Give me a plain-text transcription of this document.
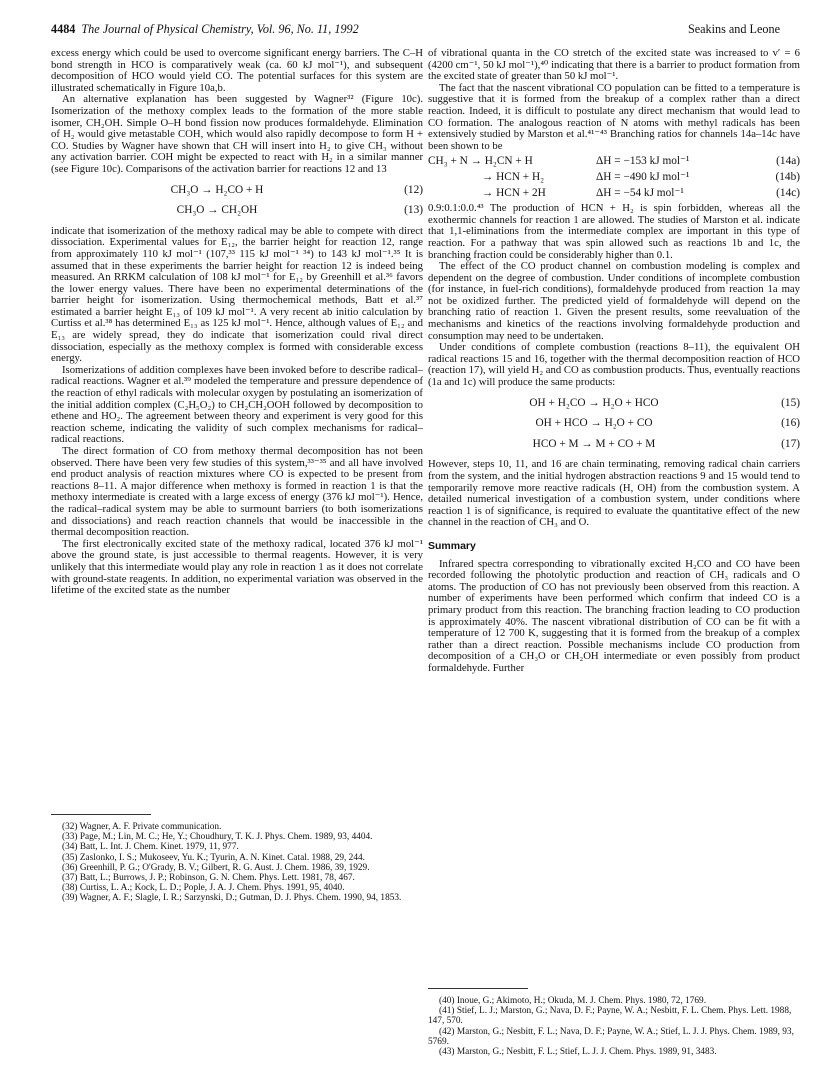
4484 The Journal of Physical Chemistry, Vol. 96, No. 11, 1992	Seakins and Leone

excess energy which could be used to overcome significant energy barriers. The C–H bond strength in HCO is comparatively weak (ca. 60 kJ mol⁻¹), and subsequent decomposition of HCO would yield CO. The potential surfaces for this system are illustrated schematically in Figure 10a,b.

An alternative explanation has been suggested by Wagner³² (Figure 10c). Isomerization of the methoxy complex leads to the formation of the more stable isomer, CH₂OH. Simple O–H bond fission now produces formaldehyde. Elimination of H₂ would give metastable COH, which would also rapidly decompose to form H + CO. Studies by Wagner have shown that CH will insert into H₂ to give CH₃ without any activation barrier. COH might be expected to react with H₂ in a similar manner (see Figure 10c). Comparisons of the activation barrier for reactions 12 and 13

CH₃O → H₂CO + H	(12)
CH₃O → CH₂OH	(13)

indicate that isomerization of the methoxy radical may be able to compete with direct dissociation. Experimental values for E₁₂, the barrier height for reaction 12, range from approximately 110 kJ mol⁻¹ (107,³³ 115 kJ mol⁻¹ ³⁴) to 143 kJ mol⁻¹.³⁵ It is assumed that in these experiments the barrier height for reaction 12 is indeed being measured. An RRKM calculation of 108 kJ mol⁻¹ for E₁₂ by Greenhill et al.³⁶ favors the lower energy values. There have been no experimental determinations of the barrier height for isomerization. Using thermochemical methods, Batt et al.³⁷ estimated a barrier height E₁₃ of 109 kJ mol⁻¹. A very recent ab initio calculation by Curtiss et al.³⁸ has determined E₁₃ as 125 kJ mol⁻¹. Hence, although values of E₁₂ and E₁₃ are widely spread, they do indicate that isomerization could rival direct dissociation, especially as the methoxy complex is formed with considerable excess energy.

Isomerizations of addition complexes have been invoked before to describe radical–radical reactions. Wagner et al.³⁹ modeled the temperature and pressure dependence of the reaction of ethyl radicals with molecular oxygen by postulating an isomerization of the initial addition complex (C₂H₅O₂) to CH₂CH₂OOH followed by decomposition to ethene and HO₂. The agreement between theory and experiment is very good for this reaction scheme, indicating the validity of such complex mechanisms for radical–radical reactions.

The direct formation of CO from methoxy thermal decomposition has not been observed. There have been very few studies of this system,³³⁻³⁵ and all have involved end product analysis of reaction mixtures where CO is expected to be present from reactions 8–11. A major difference when methoxy is formed in reaction 1 is that the methoxy intermediate is created with a large excess of energy (376 kJ mol⁻¹). Hence, the radical–radical system may be able to surmount barriers (to both isomerizations and dissociations) and reach reaction channels that would be inaccessible in the thermal decomposition reaction.

The first electronically excited state of the methoxy radical, located 376 kJ mol⁻¹ above the ground state, is just accessible to thermal reagents. However, it is very unlikely that this intermediate would play any role in reaction 1 as it does not correlate with ground-state reagents. In addition, no experimental variation was observed in the lifetime of the excited state as the number

(32) Wagner, A. F. Private communication.
(33) Page, M.; Lin, M. C.; He, Y.; Choudhury, T. K. J. Phys. Chem. 1989, 93, 4404.
(34) Batt, L. Int. J. Chem. Kinet. 1979, 11, 977.
(35) Zaslonko, I. S.; Mukoseev, Yu. K.; Tyurin, A. N. Kinet. Catal. 1988, 29, 244.
(36) Greenhill, P. G.; O'Grady, B. V.; Gilbert, R. G. Aust. J. Chem. 1986, 39, 1929.
(37) Batt, L.; Burrows, J. P.; Robinson, G. N. Chem. Phys. Lett. 1981, 78, 467.
(38) Curtiss, L. A.; Kock, L. D.; Pople, J. A. J. Chem. Phys. 1991, 95, 4040.
(39) Wagner, A. F.; Slagle, I. R.; Sarzynski, D.; Gutman, D. J. Phys. Chem. 1990, 94, 1853.

of vibrational quanta in the CO stretch of the excited state was increased to v′ = 6 (4200 cm⁻¹, 50 kJ mol⁻¹),⁴⁰ indicating that there is a barrier to product formation from the excited state of greater than 50 kJ mol⁻¹.

The fact that the nascent vibrational CO population can be fitted to a temperature is suggestive that it is formed from the breakup of a complex rather than a direct reaction. Indeed, it is difficult to postulate any direct mechanism that would lead to CO formation. The analogous reaction of N atoms with methyl radicals has been extensively studied by Marston et al.⁴¹⁻⁴³ Branching ratios for channels 14a–14c have been shown to be

CH₃ + N → H₂CN + H	ΔH = −153 kJ mol⁻¹	(14a)
→ HCN + H₂	ΔH = −490 kJ mol⁻¹	(14b)
→ HCN + 2H	ΔH = −54 kJ mol⁻¹	(14c)

0.9:0.1:0.0.⁴³ The production of HCN + H₂ is spin forbidden, whereas all the exothermic channels for reaction 1 are allowed. The studies of Marston et al. indicate that 1,1-eliminations from the intermediate complex are important in this type of reaction. For a pathway that was spin allowed such as reactions 1b and 1c, the branching fraction could be considerably higher than 0.1.

The effect of the CO product channel on combustion modeling is complex and dependent on the degree of combustion. Under conditions of incomplete combustion (for instance, in fuel-rich conditions), formaldehyde produced from reaction 1a may not be oxidized further. The predicted yield of formaldehyde will depend on the branching ratio of reaction 1. Given the present results, some reevaluation of the mechanisms and kinetics of the reactions involving formaldehyde production and consumption may need to be undertaken.

Under conditions of complete combustion (reactions 8–11), the equivalent OH radical reactions 15 and 16, together with the thermal decomposition reaction of HCO (reaction 17), will yield H₂ and CO as combustion products. Thus, eventually reactions (1a and 1c) will produce the same products:

OH + H₂CO → H₂O + HCO	(15)
OH + HCO → H₂O + CO	(16)
HCO + M → M + CO + M	(17)

However, steps 10, 11, and 16 are chain terminating, removing radical chain carriers from the system, and the initial hydrogen abstraction reactions 9 and 15 would tend to temporarily remove more reactive radicals (H, OH) from the combustion system. A detailed numerical investigation of a combustion system, under conditions where reaction 1 is of significance, is required to evaluate the quantitative effect of the new channel in the reaction of CH₃ and O.

Summary

Infrared spectra corresponding to vibrationally excited H₂CO and CO have been recorded following the photolytic production and reaction of CH₃ radicals and O atoms. The production of CO has not previously been observed from this reaction. A number of experiments have been performed which confirm that indeed CO is a primary product from this reaction. The branching fraction leading to CO production is approximately 40%. The nascent vibrational distribution of CO can be fit with a temperature of 12 700 K, suggesting that it is formed from the breakup of a complex rather than a direct reaction. Possible mechanisms include CO production from decomposition of a CH₃O or CH₂OH intermediate or even possibly from product formaldehyde. Further

(40) Inoue, G.; Akimoto, H.; Okuda, M. J. Chem. Phys. 1980, 72, 1769.
(41) Stief, L. J.; Marston, G.; Nava, D. F.; Payne, W. A.; Nesbitt, F. L. Chem. Phys. Lett. 1988, 147, 570.
(42) Marston, G.; Nesbitt, F. L.; Nava, D. F.; Payne, W. A.; Stief, L. J. J. Phys. Chem. 1989, 93, 5769.
(43) Marston, G.; Nesbitt, F. L.; Stief, L. J. J. Chem. Phys. 1989, 91, 3483.
